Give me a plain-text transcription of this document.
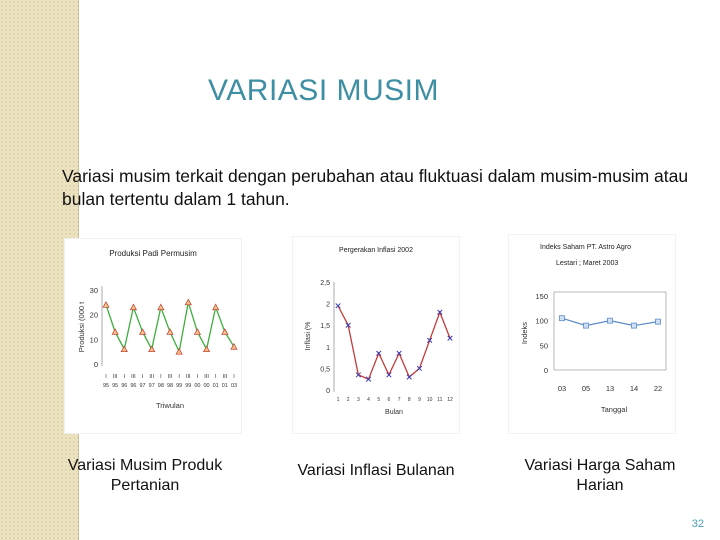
VARIASI MUSIM

Variasi musim terkait dengan perubahan atau fluktuasi dalam musim-musim atau bulan tertentu dalam 1 tahun.

Produksi Padi Permusim
0
10
20
30
Produksi (000 t
I
95
III
95
I
96
III
96
I
97
III
97
I
98
III
98
I
99
III
99
I
00
III
00
I
01
III
01
I
03
Triwulan
Pergerakan Inflasi 2002
0
0,5
1
1,5
2
2,5
Inflasi (%
1 2 3 4 5 6 7 8 9 10 11 12
Bulan
Indeks Saham PT. Astro Agro
Lestari ; Maret 2003
0
50
100
150
Indeks
03 05 13 14 22
Tanggal

Variasi Musim Produk Pertanian

Variasi Inflasi Bulanan	Variasi Harga Saham Harian

32
